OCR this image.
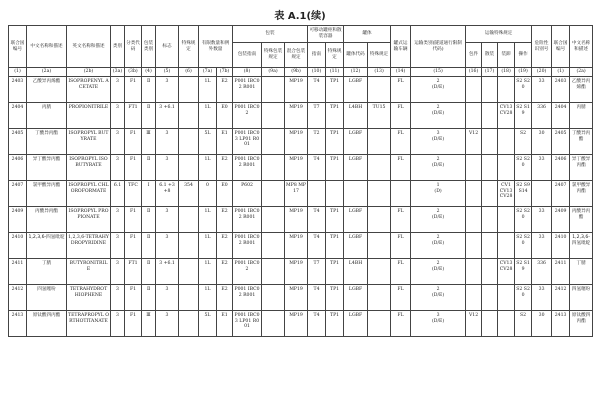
表 A.1(续)
联合国编号	中文名称和描述	英文名称和描述	类别	分类代码	包装类别	标志	特殊规定	有限数量和例外数量		包装			可移动罐柜和散装容器		罐体		罐式运输车辆	运输类别(隧道通行限制代码)	运输特殊规定				危险性识别号	联合国编号	中文名称和描述
										包装指南	特殊包装规定	混合包装规定	指南	特殊规定	罐体代码	特殊规定			包件	散装	装卸	操作			

(1)	(2a)	(2b)	(3a)	(3b)	(4)	(5)	(6)	(7a)	(7b)	(8)	(9a)	(9b)	(10)	(11)	(12)	(13)	(14)	(15)	(16)	(17)	(18)	(19)	(20)	(1)	(2a)
2403	乙酸异丙烯酯	ISOPROPENYL ACETATE	3	F1	Ⅱ	3		1L	E2	P001 IBC02 R001		MP19	T4	TP1	LGBF		FL	2
(D/E)				S2 S20	33	2403	乙酸异丙烯酯
2404	丙腈	PROPIONITRILE	3	FT1	Ⅱ	3 +6.1		1L	E0	P001 IBC02		MP19	T7	TP1	L4BH	TU15	FL	2
(D/E)			CV13 CV28	S2 S19	336	2404	丙腈
2405	丁酸异丙酯	ISOPROPYL BUTYRATE	3	F1	Ⅲ	3		5L	E1	P001 IBC03 LP01 R001		MP19	T2	TP1	LGBF		FL	3
(D/E)	V12			S2	30	2405	丁酸异丙酯
2406	异丁酸异丙酯	ISOPROPYL ISOBUTYRATE	3	F1	Ⅱ	3		1L	E2	P001 IBC02 R001		MP19	T4	TP1	LGBF		FL	2
(D/E)				S2 S20	33	2406	异丁酸异丙酯
2407	氯甲酸异丙酯	ISOPROPYL CHLOROFORMATE	6.1	TFC	Ⅰ	6.1 +3 +8	354	0	E0	P602		MP8 MP17						1
(D)			CV1 CV13 CV28	S2 S9 S14		2407	氯甲酸异丙酯
2409	丙酸异丙酯	ISOPROPYL PROPIONATE	3	F1	Ⅱ	3		1L	E2	P001 IBC02 R001		MP19	T4	TP1	LGBF		FL	2
(D/E)				S2 S20	33	2409	丙酸异丙酯
2410	1,2,3,6-四氢吡啶	1,2,3,6-TETRAHYDROPYRIDINE	3	F1	Ⅱ	3		1L	E2	P001 IBC02 R001		MP19	T4	TP1	LGBF		FL	2
(D/E)				S2 S20	33	2410	1,2,3,6-四氢吡啶
2411	丁腈	BUTYRONITRILE	3	FT1	Ⅱ	3 +6.1		1L	E2	P001 IBC02		MP19	T7	TP1	L4BH		FL	2
(D/E)			CV13 CV28	S2 S19	336	2411	丁腈
2412	四氢噻吩	TETRAHYDROTHIOPHENE	3	F1	Ⅱ	3		1L	E2	P001 IBC02 R001		MP19	T4	TP1	LGBF		FL	2
(D/E)				S2 S20	33	2412	四氢噻吩
2413	原钛酸四丙酯	TETRAPROPYL ORTHOTITANATE	3	F1	Ⅲ	3		5L	E1	P001 IBC03 LP01 R001		MP19	T4	TP1	LGBF		FL	3
(D/E)	V12			S2	30	2413	原钛酸四丙酯
